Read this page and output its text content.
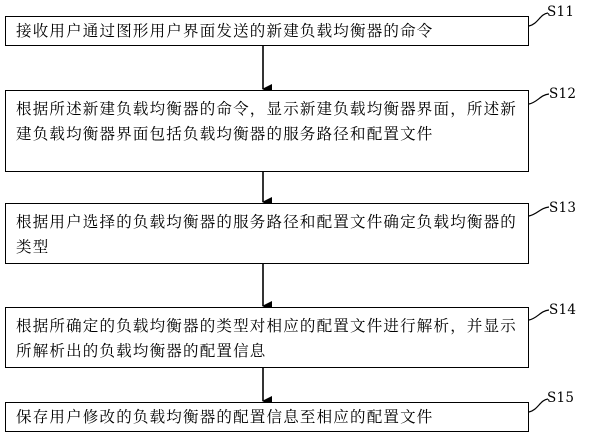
接收用户通过图形用户界面发送的新建负载均衡器的命令
S11
根据所述新建负载均衡器的命令，显示新建负载均衡器界面，所述新建负载均衡器界面包括负载均衡器的服务路径和配置文件
S12
根据用户选择的负载均衡器的服务路径和配置文件确定负载均衡器的类型
S13
根据所确定的负载均衡器的类型对相应的配置文件进行解析，并显示所解析出的负载均衡器的配置信息
S14
保存用户修改的负载均衡器的配置信息至相应的配置文件
S15
